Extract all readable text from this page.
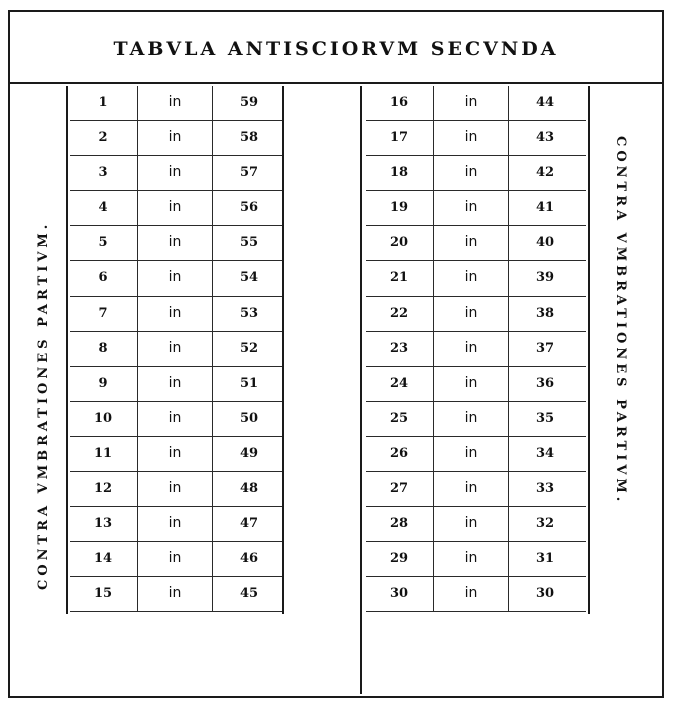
TABVLA ANTISCIORVM SECVNDA
CONTRA VMBRATIONES PARTIVM.	CONTRA VMBRATIONES PARTIVM.
1	in	59
2	in	58
3	in	57
4	in	56
5	in	55
6	in	54
7	in	53
8	in	52
9	in	51
10	in	50
11	in	49
12	in	48
13	in	47
14	in	46
15	in	45
16	in	44
17	in	43
18	in	42
19	in	41
20	in	40
21	in	39
22	in	38
23	in	37
24	in	36
25	in	35
26	in	34
27	in	33
28	in	32
29	in	31
30	in	30
